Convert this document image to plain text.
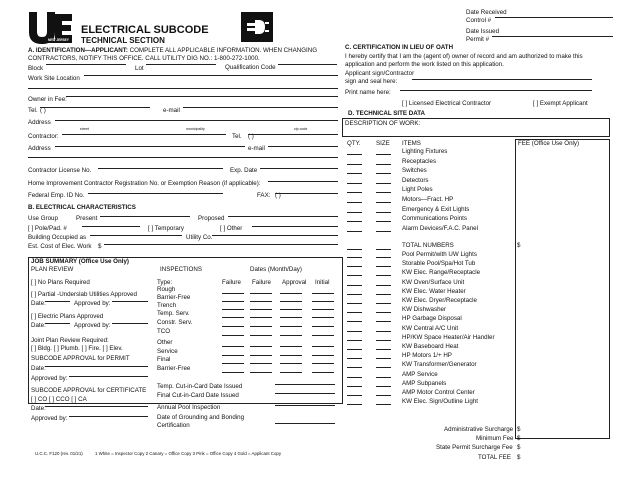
NEW JERSEY
ELECTRICAL SUBCODE
TECHNICAL SECTION
Date Received
Control #
Date Issued
Permit #
A. IDENTIFICATION—APPLICANT: COMPLETE ALL APPLICABLE INFORMATION. WHEN CHANGING
CONTRACTORS, NOTIFY THIS OFFICE. CALL UTILITY DIG NO.: 1-800-272-1000.
Block	Lot	Qualification Code
Work Site Location
Owner in Fee:
Tel. ( )	e-mail
Address
street	municipality	zip code
Contractor:	Tel. ( )
Address	e-mail
Contractor License No.	Exp. Date
Home Improvement Contractor Registration No. or Exemption Reason (if applicable):
Federal Emp. ID No.	FAX: ( )
B. ELECTRICAL CHARACTERISTICS
Use Group	Present	Proposed
[ ] Pole/Pad. #	[ ] Temporary	[ ] Other
Building Occupied as	Utility Co.
Est. Cost of Elec. Work $
JOB SUMMARY (Office Use Only)
PLAN REVIEW
[ ] No Plans Required
[ ] Partial -Underslab Utilities Approved
Date:	Approved by:
[ ] Electric Plans Approved
Date:	Approved by:
Joint Plan Review Required:
[ ] Bldg. [ ] Plumb. [ ] Fire. [ ] Elev.
SUBCODE APPROVAL for PERMIT
Date:
Approved by:
SUBCODE APPROVAL for CERTIFICATE
[ ] CO [ ] CCO [ ] CA
Date:
Approved by:
INSPECTIONS	Dates (Month/Day)
Type:	Failure Failure Approval Initial
Rough
Barrier-Free
Trench
Temp. Serv.
Constr. Serv.
TCO
Other
Service
Final
Barrier-Free
Temp. Cut-in-Card Date Issued
Final Cut-in-Card Date Issued
Annual Pool Inspection
Date of Grounding and Bonding
Certification
C. CERTIFICATION IN LIEU OF OATH
I hereby certify that I am the (agent of) owner of record and am authorized to make this
application and perform the work listed on this application.
Applicant sign/Contractor
sign and seal here:
Print name here:
[ ] Licensed Electrical Contractor	[ ] Exempt Applicant
D. TECHNICAL SITE DATA
DESCRIPTION OF WORK:
QTY. SIZE ITEMS	FEE (Office Use Only)
Lighting Fixtures
Receptacles
Switches
Detectors
Light Poles
Motors—Fract. HP
Emergency & Exit Lights
Communications Points
Alarm Devices/F.A.C. Panel
Pool Permit/with UW Lights
Storable Pool/Spa/Hot Tub
KW Elec. Range/Receptacle
KW Oven/Surface Unit
KW Elec. Water Heater
KW Elec. Dryer/Receptacle
KW Dishwasher
HP Garbage Disposal
KW Central A/C Unit
HP/KW Space Heater/Air Handler
KW Baseboard Heat
HP Motors 1/+ HP
KW Transformer/Generator
AMP Service
AMP Subpanels
AMP Motor Control Center
KW Elec. Sign/Outline Light
TOTAL NUMBERS	$
Administrative Surcharge $
Minimum Fee $
State Permit Surcharge Fee $
TOTAL FEE $
U.C.C. F120 (rev. 01/21)	1 White = Inspector Copy 2 Canary = Office Copy 3 Pink = Office Copy 4 Gold = Applicant Copy
